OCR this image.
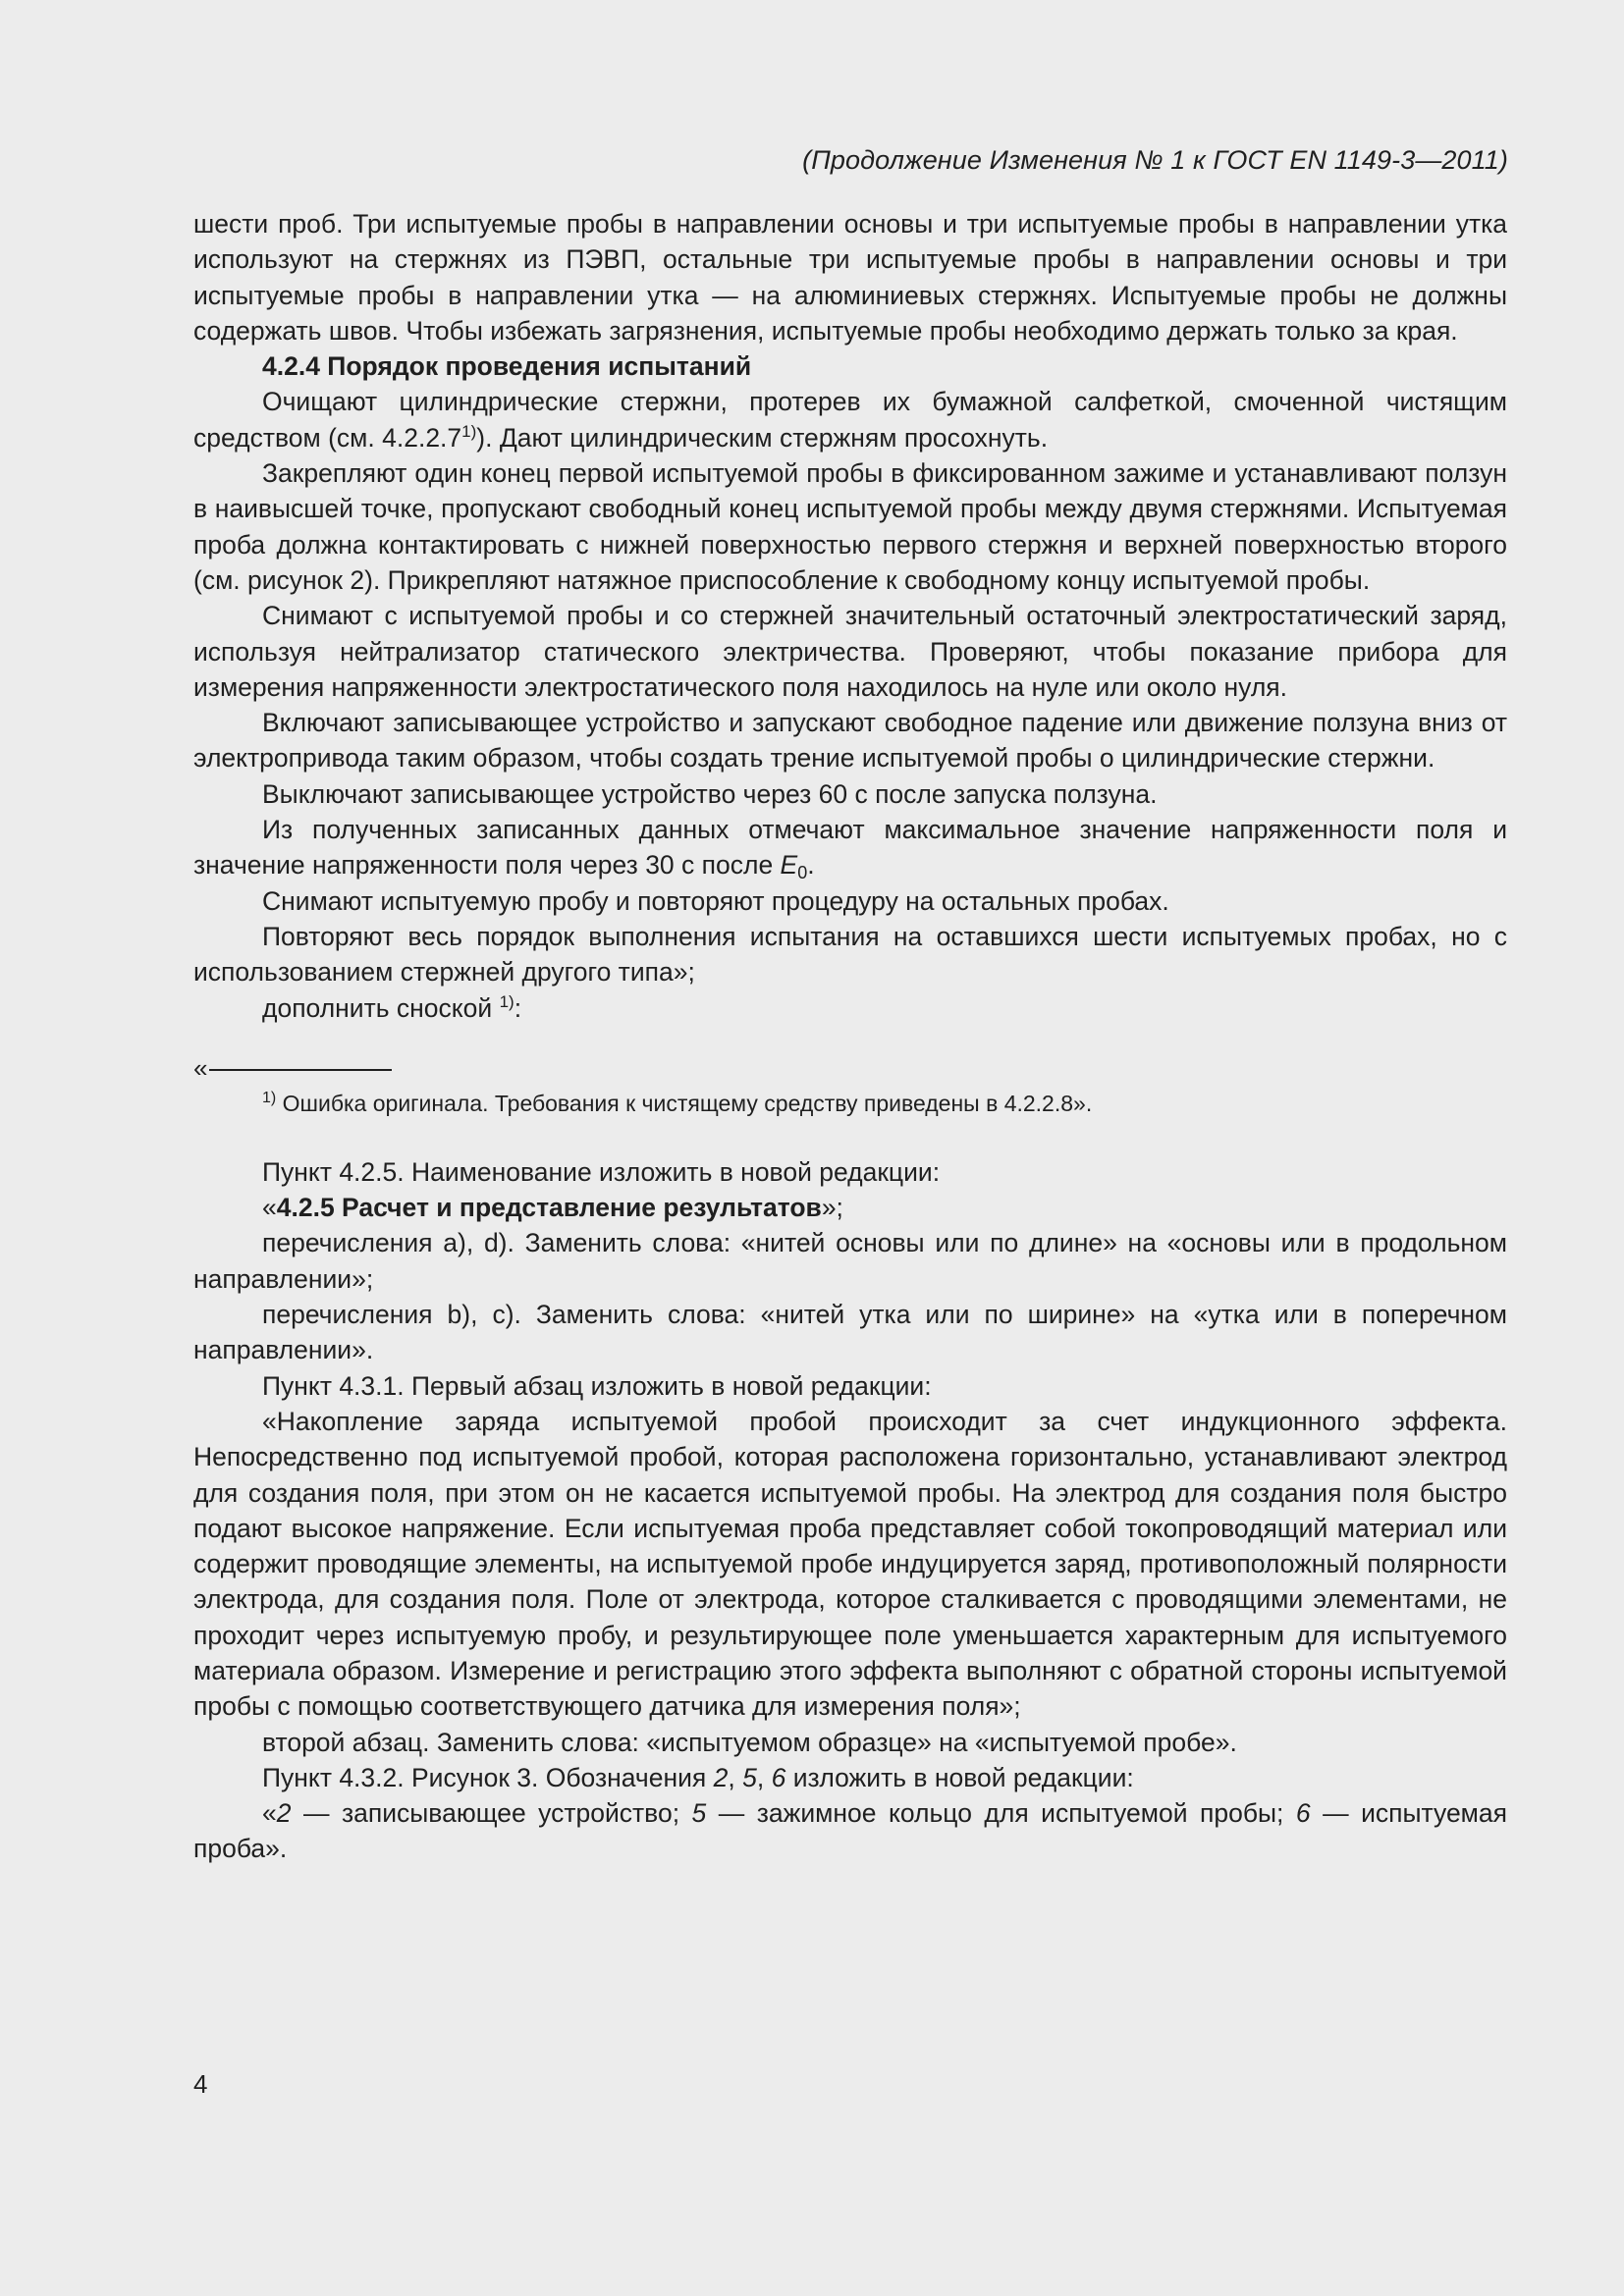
(Продолжение Изменения № 1 к ГОСТ EN 1149-3—2011)

шести проб. Три испытуемые пробы в направлении основы и три испытуемые пробы в направлении утка используют на стержнях из ПЭВП, остальные три испытуемые пробы в направлении основы и три испытуемые пробы в направлении утка — на алюминиевых стержнях. Испытуемые пробы не должны содержать швов. Чтобы избежать загрязнения, испытуемые пробы необходимо держать только за края.

4.2.4 Порядок проведения испытаний

Очищают цилиндрические стержни, протерев их бумажной салфеткой, смоченной чистящим средством (см. 4.2.2.7$^{1)}$). Дают цилиндрическим стержням просохнуть.

Закрепляют один конец первой испытуемой пробы в фиксированном зажиме и устанавливают ползун в наивысшей точке, пропускают свободный конец испытуемой пробы между двумя стержнями. Испытуемая проба должна контактировать с нижней поверхностью первого стержня и верхней поверхностью второго (см. рисунок 2). Прикрепляют натяжное приспособление к свободному концу испытуемой пробы.

Снимают с испытуемой пробы и со стержней значительный остаточный электростатический заряд, используя нейтрализатор статического электричества. Проверяют, чтобы показание прибора для измерения напряженности электростатического поля находилось на нуле или около нуля.

Включают записывающее устройство и запускают свободное падение или движение ползуна вниз от электропривода таким образом, чтобы создать трение испытуемой пробы о цилиндрические стержни.

Выключают записывающее устройство через 60 с после запуска ползуна.

Из полученных записанных данных отмечают максимальное значение напряженности поля и значение напряженности поля через 30 с после $E_0$.

Снимают испытуемую пробу и повторяют процедуру на остальных пробах.

Повторяют весь порядок выполнения испытания на оставшихся шести испытуемых пробах, но с использованием стержней другого типа»;

дополнить сноской $^{1)}$:

«

$^{1)}$ Ошибка оригинала. Требования к чистящему средству приведены в 4.2.2.8».

Пункт 4.2.5. Наименование изложить в новой редакции:

«4.2.5 Расчет и представление результатов»;

перечисления а), d). Заменить слова: «нитей основы или по длине» на «основы или в продольном направлении»;

перечисления b), c). Заменить слова: «нитей утка или по ширине» на «утка или в поперечном направлении».

Пункт 4.3.1. Первый абзац изложить в новой редакции:

«Накопление заряда испытуемой пробой происходит за счет индукционного эффекта. Непосредственно под испытуемой пробой, которая расположена горизонтально, устанавливают электрод для создания поля, при этом он не касается испытуемой пробы. На электрод для создания поля быстро подают высокое напряжение. Если испытуемая проба представляет собой токопроводящий материал или содержит проводящие элементы, на испытуемой пробе индуцируется заряд, противоположный полярности электрода, для создания поля. Поле от электрода, которое сталкивается с проводящими элементами, не проходит через испытуемую пробу, и результирующее поле уменьшается характерным для испытуемого материала образом. Измерение и регистрацию этого эффекта выполняют с обратной стороны испытуемой пробы с помощью соответствующего датчика для измерения поля»;

второй абзац. Заменить слова: «испытуемом образце» на «испытуемой пробе».

Пункт 4.3.2. Рисунок 3. Обозначения 2, 5, 6 изложить в новой редакции:

«2 — записывающее устройство; 5 — зажимное кольцо для испытуемой пробы; 6 — испытуемая проба».

4
